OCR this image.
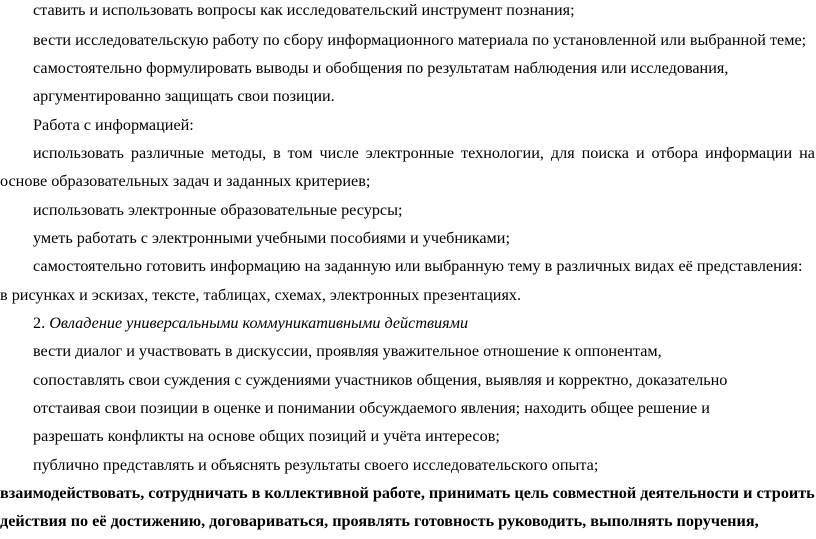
ставить и использовать вопросы как исследовательский инструмент познания;
вести исследовательскую работу по сбору информационного материала по установленной или выбранной теме;
самостоятельно формулировать выводы и обобщения по результатам наблюдения или исследования,
аргументированно защищать свои позиции.
Работа с информацией:
использовать различные методы, в том числе электронные технологии, для поиска и отбора информации на
основе образовательных задач и заданных критериев;
использовать электронные образовательные ресурсы;
уметь работать с электронными учебными пособиями и учебниками;
самостоятельно готовить информацию на заданную или выбранную тему в различных видах её представления:
в рисунках и эскизах, тексте, таблицах, схемах, электронных презентациях.
2. Овладение универсальными коммуникативными действиями
вести диалог и участвовать в дискуссии, проявляя уважительное отношение к оппонентам,
сопоставлять свои суждения с суждениями участников общения, выявляя и корректно, доказательно
отстаивая свои позиции в оценке и понимании обсуждаемого явления; находить общее решение и
разрешать конфликты на основе общих позиций и учёта интересов;
публично представлять и объяснять результаты своего исследовательского опыта;
взаимодействовать, сотрудничать в коллективной работе, принимать цель совместной деятельности и строить
действия по её достижению, договариваться, проявлять готовность руководить, выполнять поручения,
